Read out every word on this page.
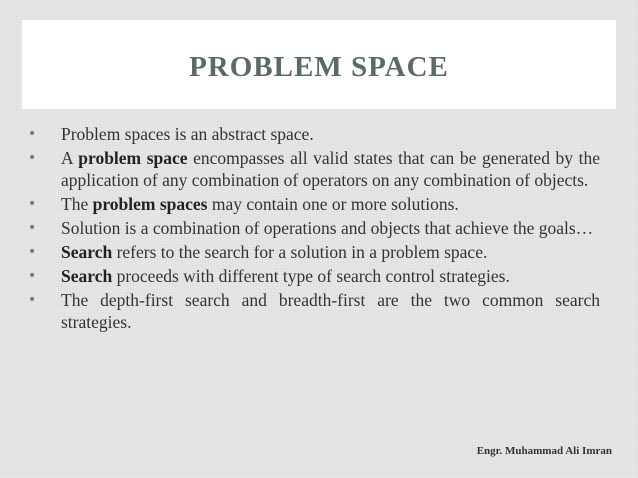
PROBLEM SPACE
• Problem spaces is an abstract space.
• A problem space encompasses all valid states that can be generated by the application of any combination of operators on any combination of objects.
• The problem spaces may contain one or more solutions.
• Solution is a combination of operations and objects that achieve the goals…
• Search refers to the search for a solution in a problem space.
• Search proceeds with different type of search control strategies.
• The depth-first search and breadth-first are the two common search strategies.
Engr. Muhammad Ali Imran
